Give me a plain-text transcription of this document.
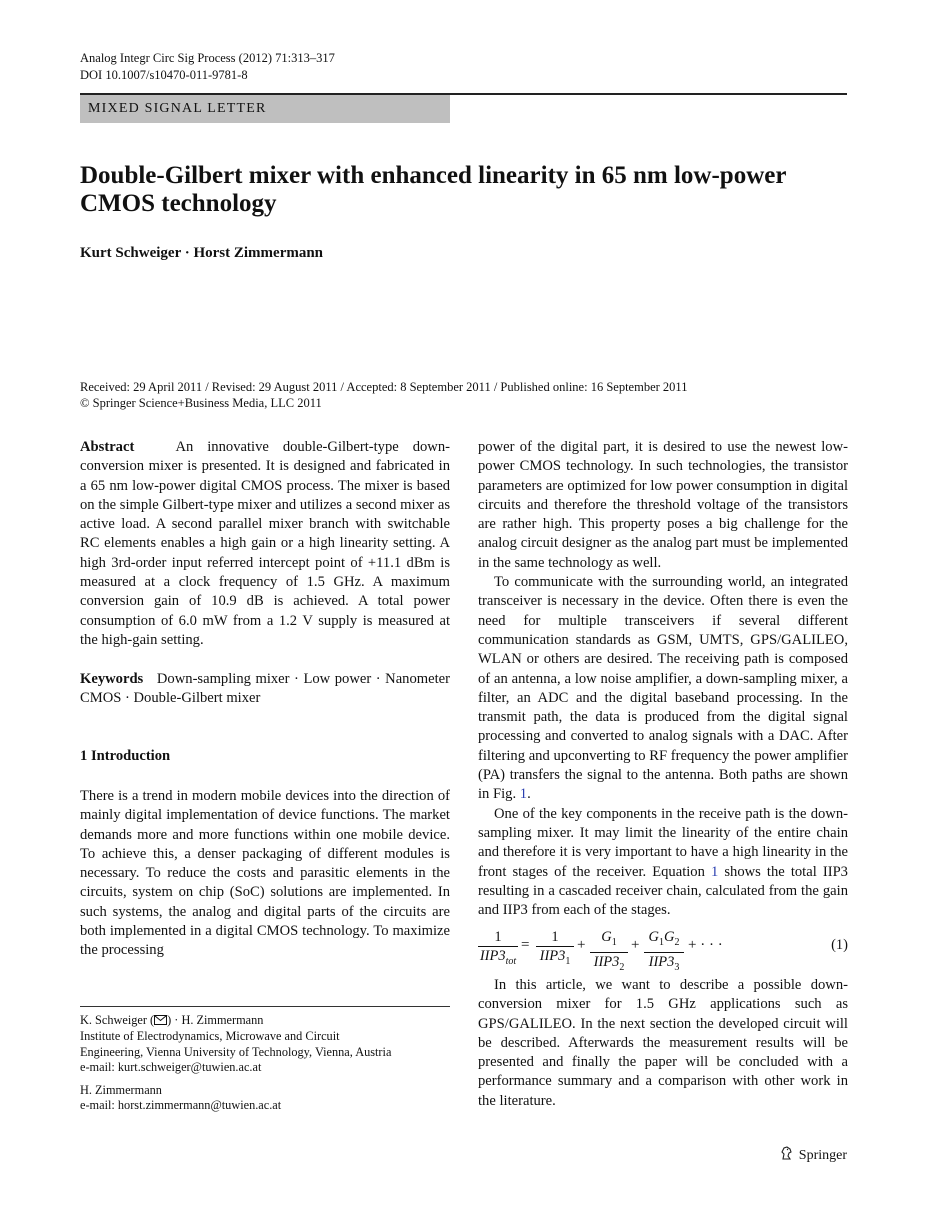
Analog Integr Circ Sig Process (2012) 71:313–317
DOI 10.1007/s10470-011-9781-8
MIXED SIGNAL LETTER
Double-Gilbert mixer with enhanced linearity in 65 nm low-power CMOS technology
Kurt Schweiger · Horst Zimmermann
Received: 29 April 2011 / Revised: 29 August 2011 / Accepted: 8 September 2011 / Published online: 16 September 2011
© Springer Science+Business Media, LLC 2011

Abstract	An innovative double-Gilbert-type down-conversion mixer is presented. It is designed and fabricated in a 65 nm low-power digital CMOS process. The mixer is based on the simple Gilbert-type mixer and utilizes a second mixer as active load. A second parallel mixer branch with switchable RC elements enables a high gain or a high linearity setting. A high 3rd-order input referred intercept point of +11.1 dBm is measured at a clock frequency of 1.5 GHz. A maximum conversion gain of 10.9 dB is achieved. A total power consumption of 6.0 mW from a 1.2 V supply is measured at the high-gain setting.

Keywords Down-sampling mixer · Low power · Nanometer CMOS · Double-Gilbert mixer

1 Introduction

There is a trend in modern mobile devices into the direction of mainly digital implementation of device functions. The market demands more and more functions within one mobile device. To achieve this, a denser packaging of different modules is necessary. To reduce the costs and parasitic elements in the circuits, system on chip (SoC) solutions are implemented. In such systems, the analog and digital parts of the circuits are both implemented in a digital CMOS technology. To maximize the processing

K. Schweiger ( ) · H. Zimmermann
Institute of Electrodynamics, Microwave and Circuit
Engineering, Vienna University of Technology, Vienna, Austria
e-mail: kurt.schweiger@tuwien.ac.at
H. Zimmermann
e-mail: horst.zimmermann@tuwien.ac.at

power of the digital part, it is desired to use the newest low-power CMOS technology. In such technologies, the transistor parameters are optimized for low power consumption in digital circuits and therefore the threshold voltage of the transistors are rather high. This property poses a big challenge for the analog circuit designer as the analog part must be implemented in the same technology as well.

To communicate with the surrounding world, an integrated transceiver is necessary in the device. Often there is even the need for multiple transceivers if several different communication standards as GSM, UMTS, GPS/GALILEO, WLAN or others are desired. The receiving path is composed of an antenna, a low noise amplifier, a down-sampling mixer, a filter, an ADC and the digital baseband processing. In the transmit path, the data is produced from the digital signal processing and converted to analog signals with a DAC. After filtering and upconverting to RF frequency the power amplifier (PA) transfers the signal to the antenna. Both paths are shown in Fig. 1.

One of the key components in the receive path is the down-sampling mixer. It may limit the linearity of the entire chain and therefore it is very important to have a high linearity in the front stages of the receiver. Equation 1 shows the total IIP3 resulting in a cascaded receiver chain, calculated from the gain and IIP3 from each of the stages.

1
$IIP3_{tot}$
=	1
$IIP3_1$
+	$G_1$
$IIP3_2$
+ $G_1G_2$
$IIP3_3$
+ · · ·	(1)

In this article, we want to describe a possible down-conversion mixer for 1.5 GHz applications such as GPS/GALILEO. In the next section the developed circuit will be described. Afterwards the measurement results will be presented and finally the paper will be concluded with a performance summary and a comparison with other work in the literature.

Springer
